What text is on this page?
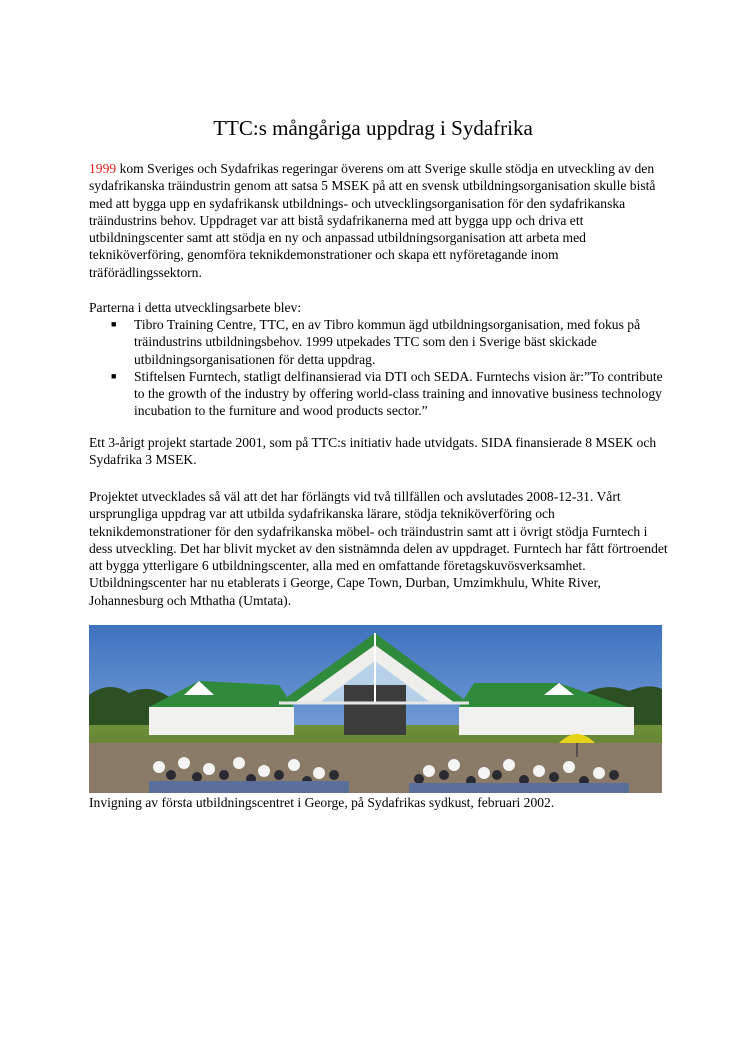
TTC:s mångåriga uppdrag i Sydafrika

1999 kom Sveriges och Sydafrikas regeringar överens om att Sverige skulle stödja en utveckling av den sydafrikanska träindustrin genom att satsa 5 MSEK på att en svensk utbildningsorganisation skulle bistå med att bygga upp en sydafrikansk utbildnings- och utvecklingsorganisation för den sydafrikanska träindustrins behov. Uppdraget var att bistå sydafrikanerna med att bygga upp och driva ett utbildningscenter samt att stödja en ny och anpassad utbildningsorganisation att arbeta med tekniköverföring, genomföra teknikdemonstrationer och skapa ett nyföretagande inom träförädlingssektorn.

Parterna i detta utvecklingsarbete blev:

■ Tibro Training Centre, TTC, en av Tibro kommun ägd utbildningsorganisation, med fokus på träindustrins utbildningsbehov. 1999 utpekades TTC som den i Sverige bäst skickade utbildningsorganisationen för detta uppdrag.
■ Stiftelsen Furntech, statligt delfinansierad via DTI och SEDA. Furntechs vision är:”To contribute to the growth of the industry by offering world-class training and innovative business technology incubation to the furniture and wood products sector.”

Ett 3-årigt projekt startade 2001, som på TTC:s initiativ hade utvidgats. SIDA finansierade 8 MSEK och Sydafrika 3 MSEK.

Projektet utvecklades så väl att det har förlängts vid två tillfällen och avslutades 2008-12-31. Vårt ursprungliga uppdrag var att utbilda sydafrikanska lärare, stödja tekniköverföring och teknikdemonstrationer för den sydafrikanska möbel- och träindustrin samt att i övrigt stödja Furntech i dess utveckling. Det har blivit mycket av den sistnämnda delen av uppdraget. Furntech har fått förtroendet att bygga ytterligare 6 utbildningscenter, alla med en omfattande företagskuvösverksamhet. Utbildningscenter har nu etablerats i George, Cape Town, Durban, Umzimkhulu, White River, Johannesburg och Mthatha (Umtata).

Invigning av första utbildningscentret i George, på Sydafrikas sydkust, februari 2002.
